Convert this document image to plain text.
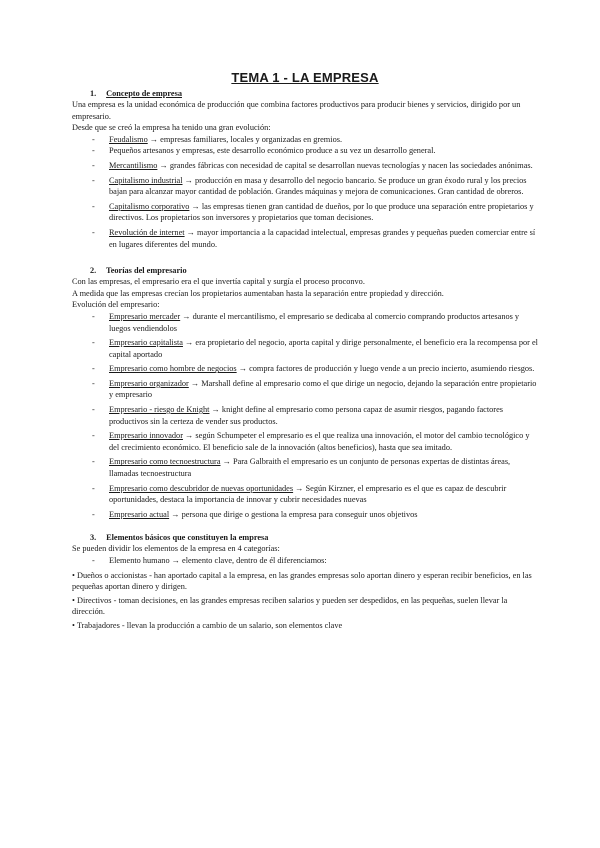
TEMA 1 - LA EMPRESA
1. Concepto de empresa

Una empresa es la unidad económica de producción que combina factores productivos para producir bienes y servicios, dirigido por un empresario.

Desde que se creó la empresa ha tenido una gran evolución:

- Feudalismo → empresas familiares, locales y organizadas en gremios.
- Pequeños artesanos y empresas, este desarrollo económico produce a su vez un desarrollo general.
- Mercantilismo → grandes fábricas con necesidad de capital se desarrollan nuevas tecnologías y nacen las sociedades anónimas.
- Capitalismo industrial → producción en masa y desarrollo del negocio bancario. Se produce un gran éxodo rural y los precios bajan para alcanzar mayor cantidad de población. Grandes máquinas y mejora de comunicaciones. Gran cantidad de obreros.
- Capitalismo corporativo → las empresas tienen gran cantidad de dueños, por lo que produce una separación entre propietarios y directivos. Los propietarios son inversores y propietarios que toman decisiones.
- Revolución de internet → mayor importancia a la capacidad intelectual, empresas grandes y pequeñas pueden comerciar entre sí en lugares diferentes del mundo.
2. Teorías del empresario

Con las empresas, el empresario era el que invertía capital y surgía el proceso proconvo.

A medida que las empresas crecían los propietarios aumentaban hasta la separación entre propiedad y dirección.

Evolución del empresario:

- Empresario mercader → durante el mercantilismo, el empresario se dedicaba al comercio comprando productos artesanos y luegos vendiendolos
- Empresario capitalista → era propietario del negocio, aporta capital y dirige personalmente, el beneficio era la recompensa por el capital aportado
- Empresario como hombre de negocios → compra factores de producción y luego vende a un precio incierto, asumiendo riesgos.
- Empresario organizador → Marshall define al empresario como el que dirige un negocio, dejando la separación entre propietario y empresario
- Empresario - riesgo de Knight → knight define al empresario como persona capaz de asumir riesgos, pagando factores productivos sin la certeza de vender sus productos.
- Empresario innovador → según Schumpeter el empresario es el que realiza una innovación, el motor del cambio tecnológico y del crecimiento económico. El beneficio sale de la innovación (altos beneficios), hasta que sea imitado.
- Empresario como tecnoestructura → Para Galbraith el empresario es un conjunto de personas expertas de distintas áreas, llamadas tecnoestructura
- Empresario como descubridor de nuevas oportunidades → Según Kirzner, el empresario es el que es capaz de descubrir oportunidades, destaca la importancia de innovar y cubrir necesidades nuevas
- Empresario actual → persona que dirige o gestiona la empresa para conseguir unos objetivos
3. Elementos básicos que constituyen la empresa

Se pueden dividir los elementos de la empresa en 4 categorías:

- Elemento humano → elemento clave, dentro de él diferenciamos:

• Dueños o accionistas - han aportado capital a la empresa, en las grandes empresas solo aportan dinero y esperan recibir beneficios, en las pequeñas aportan dinero y dirigen.

• Directivos - toman decisiones, en las grandes empresas reciben salarios y pueden ser despedidos, en las pequeñas, suelen llevar la dirección.

• Trabajadores - llevan la producción a cambio de un salario, son elementos clave
